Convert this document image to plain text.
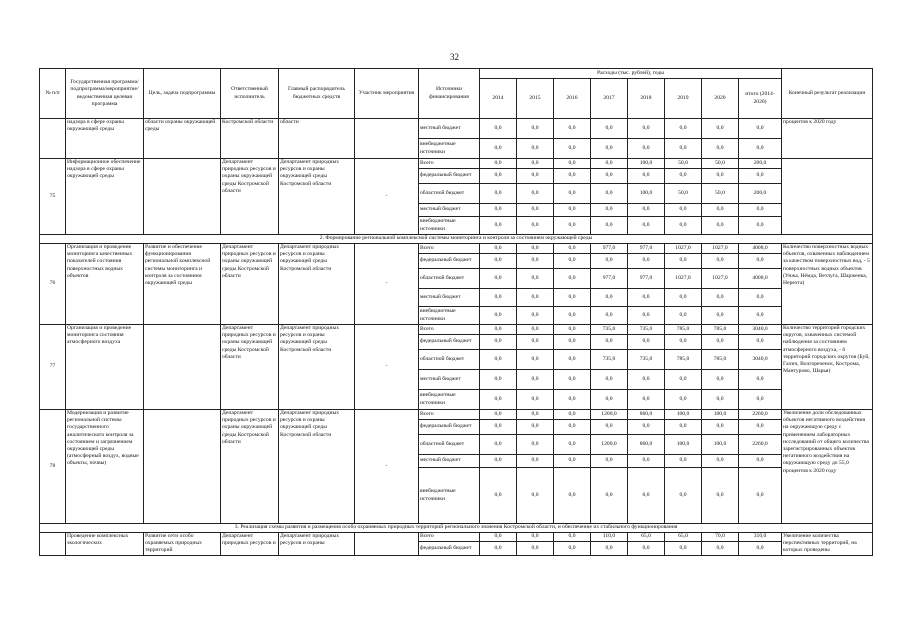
32
№ п/п	Государственная программа/подпрограмма/мероприятие/ведомственная целевая программа	Цель, задача подпрограммы	Ответственный исполнитель	Главный распорядитель бюджетных средств	Участник мероприятия	Источники финансирования	Расходы (тыс. рублей), годы								Конечный результат реализации
							2014	2015	2016	2017	2018	2019	2020	итого (2014-2020)	
	надзора в сфере охраны окружающей среды	области охраны окружающей среды	Костромской области	области		местный бюджет	0,0	0,0	0,0	0,0	0,0	0,0	0,0	0,0	процентов к 2020 году
						внебюджетные источники	0,0	0,0	0,0	0,0	0,0	0,0	0,0	0,0	
75	Информационное обеспечение надзора в сфере охраны окружающей среды		Департамент природных ресурсов и охраны окружающей среды Костромской области	Департамент природных ресурсов и охраны окружающей среды Костромской области	-	Всего	0,0	0,0	0,0	0,0	100,0	50,0	50,0	200,0	
						федеральный бюджет	0,0	0,0	0,0	0,0	0,0	0,0	0,0	0,0	
						областной бюджет	0,0	0,0	0,0	0,0	100,0	50,0	50,0	200,0	
						местный бюджет	0,0	0,0	0,0	0,0	0,0	0,0	0,0	0,0	
						внебюджетные источники	0,0	0,0	0,0	0,0	0,0	0,0	0,0	0,0	
2. Формирование региональной комплексной системы мониторинга и контроля за состоянием окружающей среды															
76	Организация и проведение мониторинга качественных показателей состояния поверхностных водных объектов	Развитие и обеспечение функционирования региональной комплексной системы мониторинга и контроля за состоянием окружающей среды	Департамент природных ресурсов и охраны окружающей среды Костромской области	Департамент природных ресурсов и охраны окружающей среды Костромской области	-	Всего	0,0	0,0	0,0	977,0	977,0	1027,0	1027,0	4008,0	Количество поверхностных водных объектов, охваченных наблюдением за качеством поверхностных вод, - 5 поверхностных водных объектов (Унжа, Нёмда, Ветлуга, Шарженка, Нерехта)
						федеральный бюджет	0,0	0,0	0,0	0,0	0,0	0,0	0,0	0,0	
						областной бюджет	0,0	0,0	0,0	977,0	977,0	1027,0	1027,0	4008,0	
						местный бюджет	0,0	0,0	0,0	0,0	0,0	0,0	0,0	0,0	
						внебюджетные источники	0,0	0,0	0,0	0,0	0,0	0,0	0,0	0,0	
77	Организация и проведение мониторинга состояния атмосферного воздуха		Департамент природных ресурсов и охраны окружающей среды Костромской области	Департамент природных ресурсов и охраны окружающей среды Костромской области	-	Всего	0,0	0,0	0,0	735,0	735,0	785,0	785,0	3040,0	Количество территорий городских округов, охваченных системой наблюдения за состоянием атмосферного воздуха, - 6 территорий городских округов (Буй, Галич, Волгореченск, Кострома, Мантурово, Шарья)
						федеральный бюджет	0,0	0,0	0,0	0,0	0,0	0,0	0,0	0,0	
						областной бюджет	0,0	0,0	0,0	735,0	735,0	785,0	785,0	3040,0	
						местный бюджет	0,0	0,0	0,0	0,0	0,0	0,0	0,0	0,0	
						внебюджетные источники	0,0	0,0	0,0	0,0	0,0	0,0	0,0	0,0	
78	Модернизация и развитие региональной системы государственного аналитического контроля за состоянием и загрязнением окружающей среды (атмосферный воздух, водные объекты, почвы)		Департамент природных ресурсов и охраны окружающей среды Костромской области	Департамент природных ресурсов и охраны окружающей среды Костромской области	-	Всего	0,0	0,0	0,0	1200,0	860,0	100,0	100,0	2260,0	Увеличение доли обследованных объектов негативного воздействия на окружающую среду с применением лабораторных исследований от общего количества зарегистрированных объектов негативного воздействия на окружающую среду до 55,0 процентов к 2020 году
						федеральный бюджет	0,0	0,0	0,0	0,0	0,0	0,0	0,0	0,0	
						областной бюджет	0,0	0,0	0,0	1200,0	860,0	100,0	100,0	2260,0	
						местный бюджет	0,0	0,0	0,0	0,0	0,0	0,0	0,0	0,0	
						внебюджетные источники	0,0	0,0	0,0	0,0	0,0	0,0	0,0	0,0	
3. Реализация схемы развития и размещения особо охраняемых природных территорий регионального значения Костромской области, и обеспечение их стабильного функционирования															
	Проведение комплексных экологических	Развитие сети особо охраняемых природных территорий	Департамент природных ресурсов и	Департамент природных ресурсов и охраны		Всего	0,0	0,0	0,0	110,0	65,0	65,0	70,0	310,0	Увеличение количества перспективных территорий, на которых проведены
						федеральный бюджет	0,0	0,0	0,0	0,0	0,0	0,0	0,0	0,0	
